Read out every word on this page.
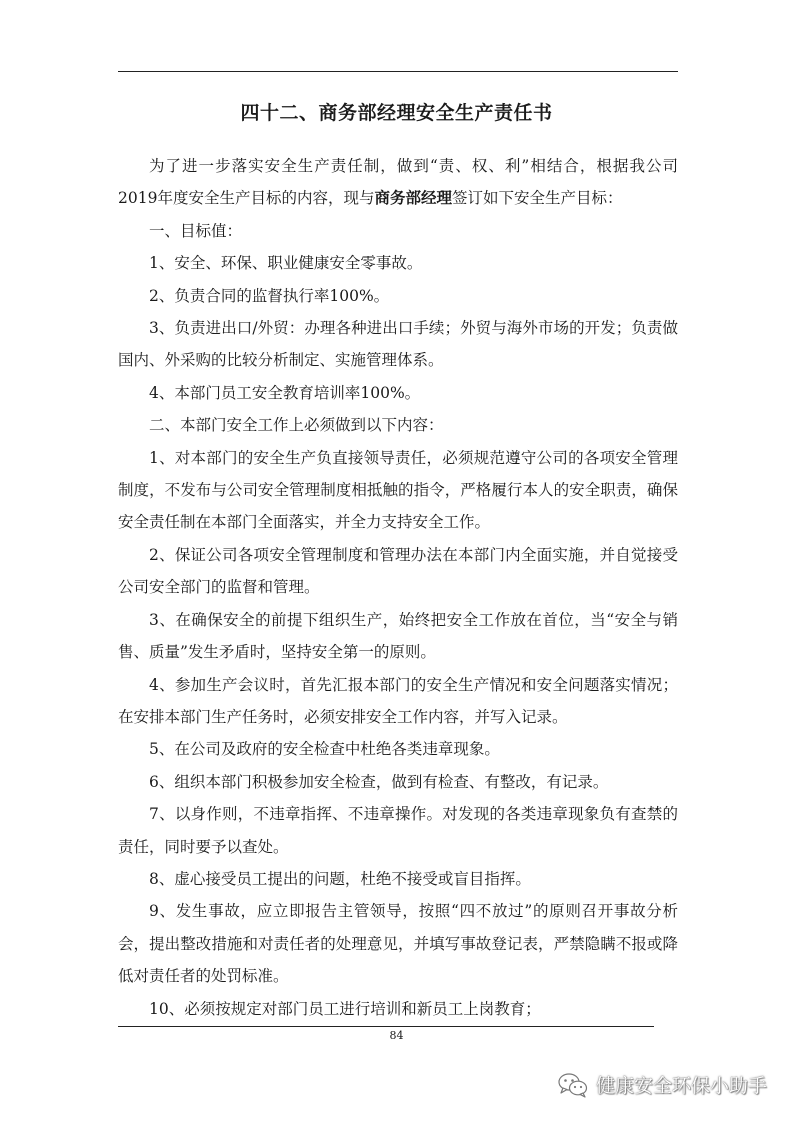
四十二、商务部经理安全生产责任书

为了进一步落实安全生产责任制，做到“责、权、利”相结合，根据我公司2019年度安全生产目标的内容，现与商务部经理签订如下安全生产目标：

一、目标值：

1、安全、环保、职业健康安全零事故。

2、负责合同的监督执行率100%。

3、负责进出口/外贸：办理各种进出口手续；外贸与海外市场的开发；负责做国内、外采购的比较分析制定、实施管理体系。

4、本部门员工安全教育培训率100%。

二、本部门安全工作上必须做到以下内容：

1、对本部门的安全生产负直接领导责任，必须规范遵守公司的各项安全管理制度，不发布与公司安全管理制度相抵触的指令，严格履行本人的安全职责，确保安全责任制在本部门全面落实，并全力支持安全工作。

2、保证公司各项安全管理制度和管理办法在本部门内全面实施，并自觉接受公司安全部门的监督和管理。

3、在确保安全的前提下组织生产，始终把安全工作放在首位，当“安全与销售、质量”发生矛盾时，坚持安全第一的原则。

4、参加生产会议时，首先汇报本部门的安全生产情况和安全问题落实情况；在安排本部门生产任务时，必须安排安全工作内容，并写入记录。

5、在公司及政府的安全检查中杜绝各类违章现象。

6、组织本部门积极参加安全检查，做到有检查、有整改，有记录。

7、以身作则，不违章指挥、不违章操作。对发现的各类违章现象负有查禁的责任，同时要予以查处。

8、虚心接受员工提出的问题，杜绝不接受或盲目指挥。

9、发生事故，应立即报告主管领导，按照“四不放过”的原则召开事故分析会，提出整改措施和对责任者的处理意见，并填写事故登记表，严禁隐瞒不报或降低对责任者的处罚标准。

10、必须按规定对部门员工进行培训和新员工上岗教育；

84
健康安全环保小助手
